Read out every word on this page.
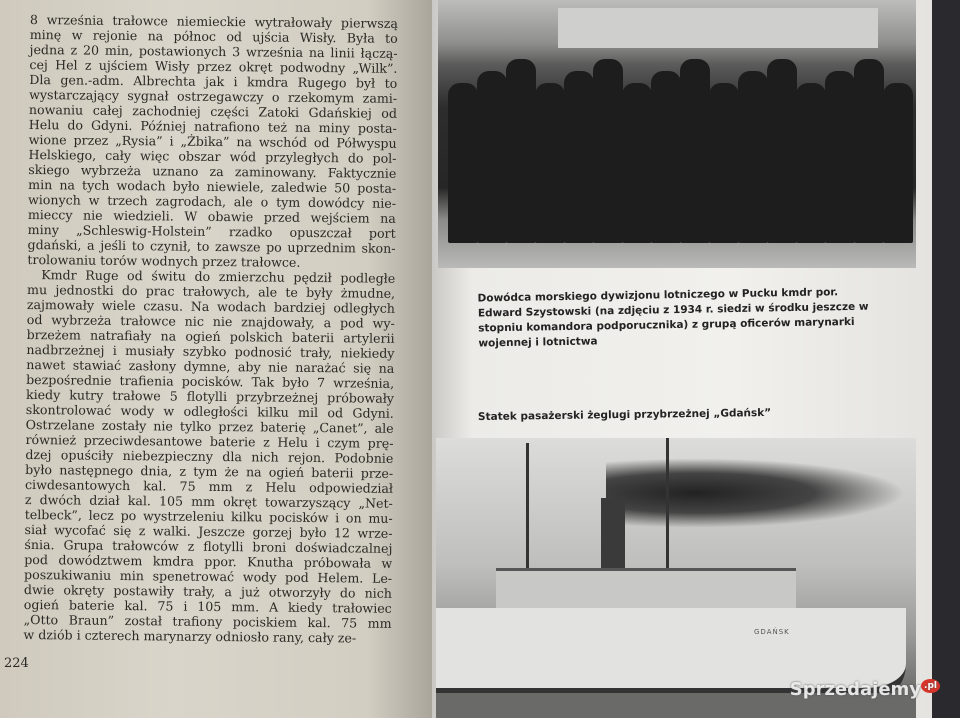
8 września trałowce niemieckie wytrałowały pierwszą
minę w rejonie na północ od ujścia Wisły. Była to
jedna z 20 min, postawionych 3 września na linii łączą-
cej Hel z ujściem Wisły przez okręt podwodny „Wilk”.
Dla gen.-adm. Albrechta jak i kmdra Rugego był to
wystarczający sygnał ostrzegawczy o rzekomym zami-
nowaniu całej zachodniej części Zatoki Gdańskiej od
Helu do Gdyni. Później natrafiono też na miny posta-
wione przez „Rysia” i „Żbika” na wschód od Półwyspu
Helskiego, cały więc obszar wód przyległych do pol-
skiego wybrzeża uznano za zaminowany. Faktycznie
min na tych wodach było niewiele, zaledwie 50 posta-
wionych w trzech zagrodach, ale o tym dowódcy nie-
mieccy nie wiedzieli. W obawie przed wejściem na
miny „Schleswig-Holstein” rzadko opuszczał port
gdański, a jeśli to czynił, to zawsze po uprzednim skon-
trolowaniu torów wodnych przez trałowce.
Kmdr Ruge od świtu do zmierzchu pędził podległe
mu jednostki do prac trałowych, ale te były żmudne,
zajmowały wiele czasu. Na wodach bardziej odległych
od wybrzeża trałowce nic nie znajdowały, a pod wy-
brzeżem natrafiały na ogień polskich baterii artylerii
nadbrzeżnej i musiały szybko podnosić trały, niekiedy
nawet stawiać zasłony dymne, aby nie narażać się na
bezpośrednie trafienia pocisków. Tak było 7 września,
kiedy kutry trałowe 5 flotylli przybrzeżnej próbowały
skontrolować wody w odległości kilku mil od Gdyni.
Ostrzelane zostały nie tylko przez baterię „Canet”, ale
również przeciwdesantowe baterie z Helu i czym prę-
dzej opuściły niebezpieczny dla nich rejon. Podobnie
było następnego dnia, z tym że na ogień baterii prze-
ciwdesantowych kal. 75 mm z Helu odpowiedział
z dwóch dział kal. 105 mm okręt towarzyszący „Net-
telbeck”, lecz po wystrzeleniu kilku pocisków i on mu-
siał wycofać się z walki. Jeszcze gorzej było 12 wrze-
śnia. Grupa trałowców z flotylli broni doświadczalnej
pod dowództwem kmdra ppor. Knutha próbowała w
poszukiwaniu min spenetrować wody pod Helem. Le-
dwie okręty postawiły trały, a już otworzyły do nich
ogień baterie kal. 75 i 105 mm. A kiedy trałowiec
„Otto Braun” został trafiony pociskiem kal. 75 mm
w dziób i czterech marynarzy odniosło rany, cały ze-
224
Dowódca morskiego dywizjonu lotniczego w Pucku kmdr por. Edward Szystowski (na zdjęciu z 1934 r. siedzi w środku jeszcze w stopniu komandora podporucznika) z grupą oficerów marynarki wojennej i lotnictwa
Statek pasażerski żeglugi przybrzeżnej „Gdańsk”
GDAŃSK
Sprzedajemy .pl
